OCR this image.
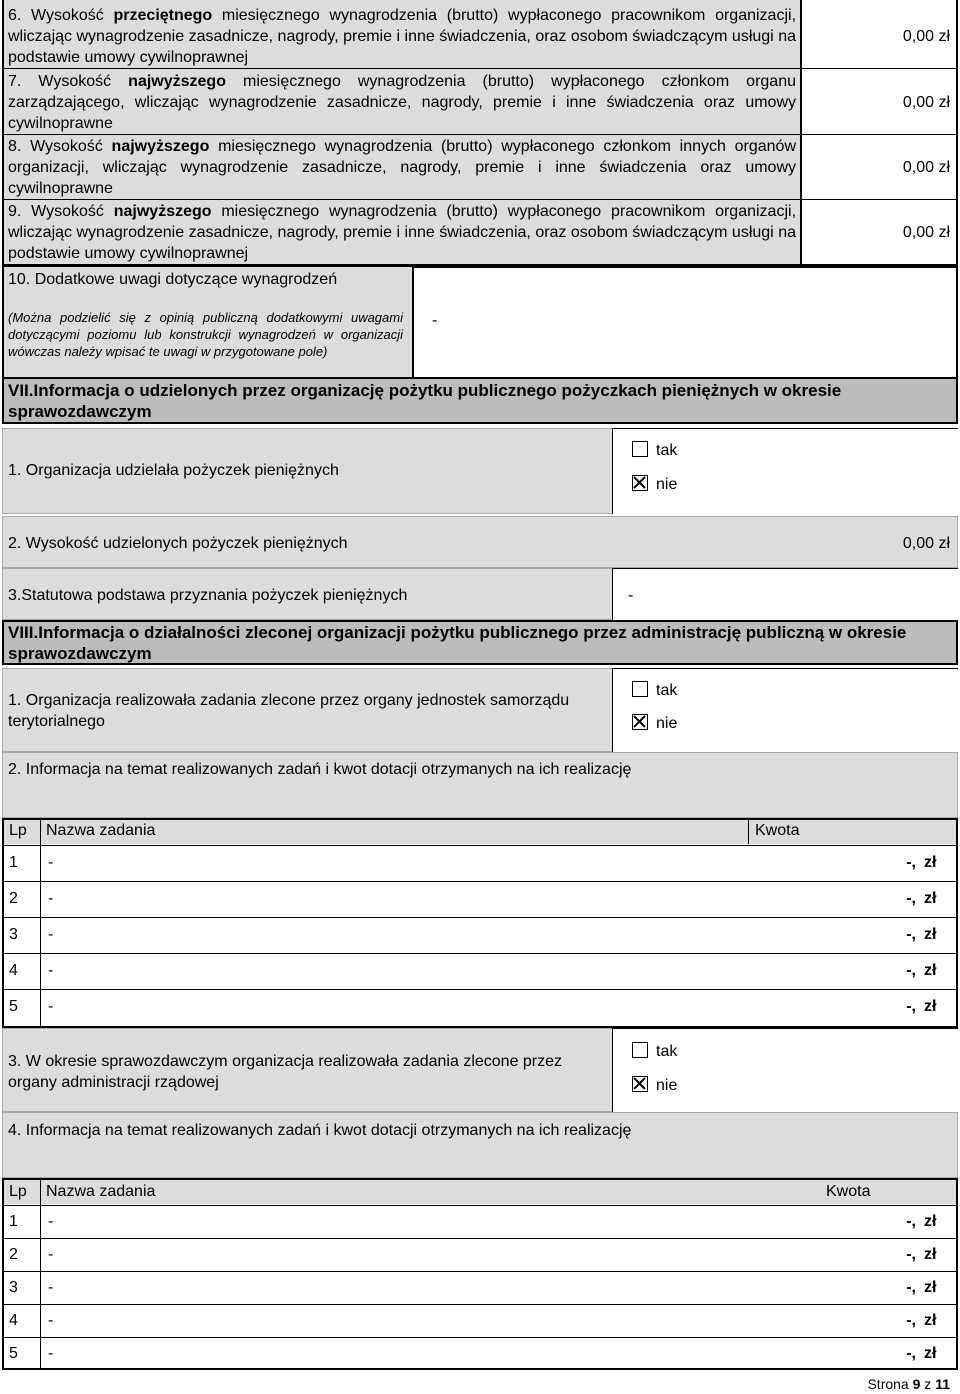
6. Wysokość przeciętnego miesięcznego wynagrodzenia (brutto) wypłaconego pracownikom organizacji, wliczając wynagrodzenie zasadnicze, nagrody, premie i inne świadczenia, oraz osobom świadczącym usługi na podstawie umowy cywilnoprawnej
0,00 zł
7. Wysokość najwyższego miesięcznego wynagrodzenia (brutto) wypłaconego członkom organu zarządzającego, wliczając wynagrodzenie zasadnicze, nagrody, premie i inne świadczenia oraz umowy cywilnoprawne
0,00 zł
8. Wysokość najwyższego miesięcznego wynagrodzenia (brutto) wypłaconego członkom innych organów organizacji, wliczając wynagrodzenie zasadnicze, nagrody, premie i inne świadczenia oraz umowy cywilnoprawne
0,00 zł
9. Wysokość najwyższego miesięcznego wynagrodzenia (brutto) wypłaconego pracownikom organizacji, wliczając wynagrodzenie zasadnicze, nagrody, premie i inne świadczenia, oraz osobom świadczącym usługi na podstawie umowy cywilnoprawnej
0,00 zł
10. Dodatkowe uwagi dotyczące wynagrodzeń
(Można podzielić się z opinią publiczną dodatkowymi uwagami dotyczącymi poziomu lub konstrukcji wynagrodzeń w organizacji wówczas należy wpisać te uwagi w przygotowane pole)
-
VII.Informacja o udzielonych przez organizację pożytku publicznego pożyczkach pieniężnych w okresie sprawozdawczym
1. Organizacja udzielała pożyczek pieniężnych
tak
nie
2. Wysokość udzielonych pożyczek pieniężnych	0,00 zł
3.Statutowa podstawa przyznania pożyczek pieniężnych	-
VIII.Informacja o działalności zleconej organizacji pożytku publicznego przez administrację publiczną w okresie sprawozdawczym
1. Organizacja realizowała zadania zlecone przez organy jednostek samorządu terytorialnego
tak
nie
2. Informacja na temat realizowanych zadań i kwot dotacji otrzymanych na ich realizację
Lp Nazwa zadania	Kwota
1 -	-, zł
2 -	-, zł
3 -	-, zł
4 -	-, zł
5 -	-, zł
3. W okresie sprawozdawczym organizacja realizowała zadania zlecone przez organy administracji rządowej
tak
nie
4. Informacja na temat realizowanych zadań i kwot dotacji otrzymanych na ich realizację
Lp Nazwa zadania	Kwota
1 -	-, zł
2 -	-, zł
3 -	-, zł
4 -	-, zł
5 -	-, zł
Strona 9 z 11
